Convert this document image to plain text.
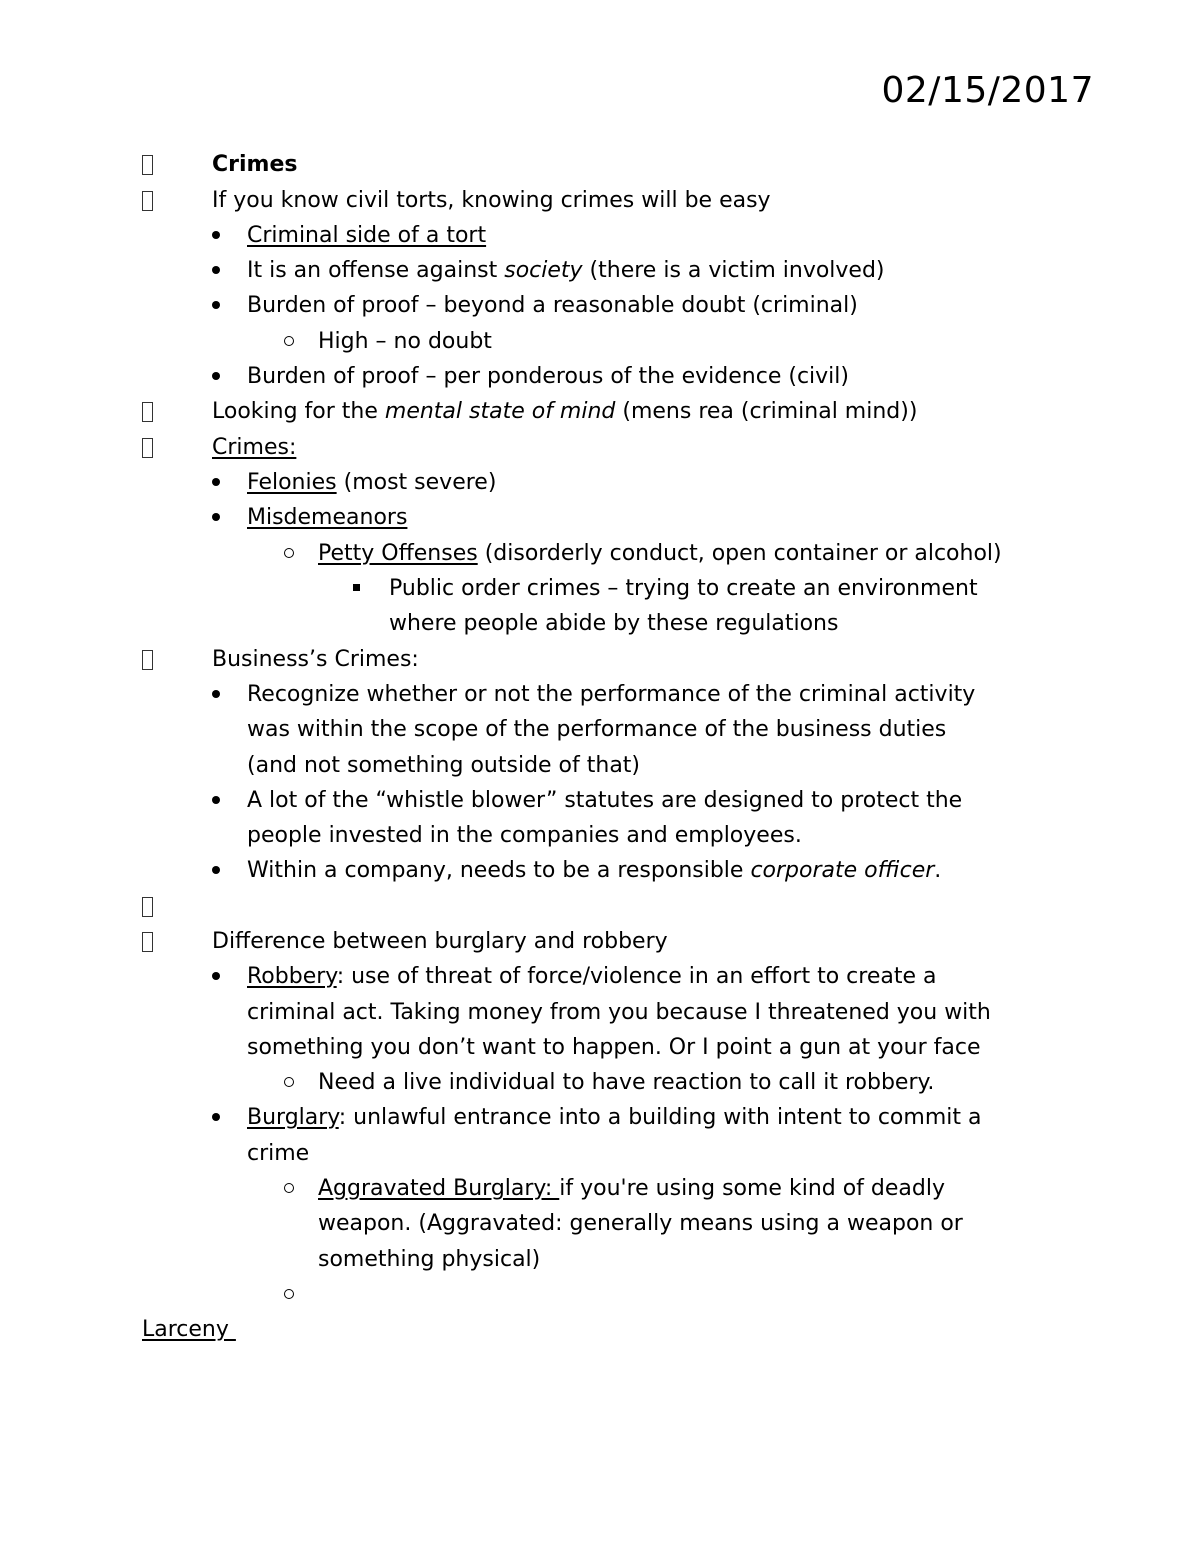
02/15/2017
Crimes
If you know civil torts, knowing crimes will be easy
Criminal side of a tort
It is an offense against society (there is a victim involved)
Burden of proof – beyond a reasonable doubt (criminal)
High – no doubt
Burden of proof – per ponderous of the evidence (civil)
Looking for the mental state of mind (mens rea (criminal mind))
Crimes:
Felonies (most severe)
Misdemeanors
Petty Offenses (disorderly conduct, open container or alcohol)
Public order crimes – trying to create an environment
where people abide by these regulations
Business’s Crimes:
Recognize whether or not the performance of the criminal activity
was within the scope of the performance of the business duties
(and not something outside of that)
A lot of the “whistle blower” statutes are designed to protect the
people invested in the companies and employees.
Within a company, needs to be a responsible corporate officer.
Difference between burglary and robbery
Robbery: use of threat of force/violence in an effort to create a
criminal act. Taking money from you because I threatened you with
something you don’t want to happen. Or I point a gun at your face
Need a live individual to have reaction to call it robbery.
Burglary: unlawful entrance into a building with intent to commit a
crime
Aggravated Burglary: if you're using some kind of deadly
weapon. (Aggravated: generally means using a weapon or
something physical)
Larceny
